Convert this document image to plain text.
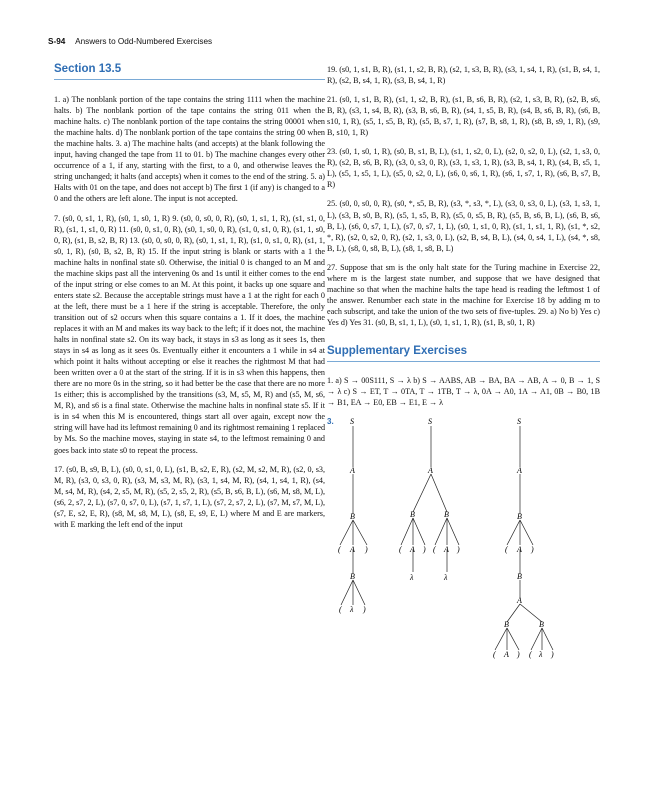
S-94 Answers to Odd-Numbered Exercises
Section 13.5

1. a) The nonblank portion of the tape contains the string 1111 when the machine halts. b) The nonblank portion of the tape contains the string 011 when the machine halts. c) The nonblank portion of the tape contains the string 00001 when the machine halts. d) The nonblank portion of the tape contains the string 00 when the machine halts. 3. a) The machine halts (and accepts) at the blank following the input, having changed the tape from 11 to 01. b) The machine changes every other occurrence of a 1, if any, starting with the first, to a 0, and otherwise leaves the string unchanged; it halts (and accepts) when it comes to the end of the string. 5. a) Halts with 01 on the tape, and does not accept b) The first 1 (if any) is changed to a 0 and the others are left alone. The input is not accepted.

7. (s0, 0, s1, 1, R), (s0, 1, s0, 1, R) 9. (s0, 0, s0, 0, R), (s0, 1, s1, 1, R), (s1, s1, 0, R), (s1, 1, s1, 0, R) 11. (s0, 0, s1, 0, R), (s0, 1, s0, 0, R), (s1, 0, s1, 0, R), (s1, 1, s0, 0, R), (s1, B, s2, B, R) 13. (s0, 0, s0, 0, R), (s0, 1, s1, 1, R), (s1, 0, s1, 0, R), (s1, 1, s0, 1, R), (s0, B, s2, B, R) 15. If the input string is blank or starts with a 1 the machine halts in nonfinal state s0. Otherwise, the initial 0 is changed to an M and the machine skips past all the intervening 0s and 1s until it either comes to the end of the input string or else comes to an M. At this point, it backs up one square and enters state s2. Because the acceptable strings must have a 1 at the right for each 0 at the left, there must be a 1 here if the string is acceptable. Therefore, the only transition out of s2 occurs when this square contains a 1. If it does, the machine replaces it with an M and makes its way back to the left; if it does not, the machine halts in nonfinal state s2. On its way back, it stays in s3 as long as it sees 1s, then stays in s4 as long as it sees 0s. Eventually either it encounters a 1 while in s4 at which point it halts without accepting or else it reaches the rightmost M that had been written over a 0 at the start of the string. If it is in s3 when this happens, then there are no more 0s in the string, so it had better be the case that there are no more 1s either; this is accomplished by the transitions (s3, M, s5, M, R) and (s5, M, s6, M, R), and s6 is a final state. Otherwise the machine halts in nonfinal state s5. If it is in s4 when this M is encountered, things start all over again, except now the string will have had its leftmost remaining 0 and its rightmost remaining 1 replaced by Ms. So the machine moves, staying in state s4, to the leftmost remaining 0 and goes back into state s0 to repeat the process.

17. (s0, B, s9, B, L), (s0, 0, s1, 0, L), (s1, B, s2, E, R), (s2, M, s2, M, R), (s2, 0, s3, M, R), (s3, 0, s3, 0, R), (s3, M, s3, M, R), (s3, 1, s4, M, R), (s4, 1, s4, 1, R), (s4, M, s4, M, R), (s4, 2, s5, M, R), (s5, 2, s5, 2, R), (s5, B, s6, B, L), (s6, M, s8, M, L), (s6, 2, s7, 2, L), (s7, 0, s7, 0, L), (s7, 1, s7, 1, L), (s7, 2, s7, 2, L), (s7, M, s7, M, L), (s7, E, s2, E, R), (s8, M, s8, M, L), (s8, E, s9, E, L) where M and E are markers, with E marking the left end of the input

19. (s0, 1, s1, B, R), (s1, 1, s2, B, R), (s2, 1, s3, B, R), (s3, 1, s4, 1, R), (s1, B, s4, 1, R), (s2, B, s4, 1, R), (s3, B, s4, 1, R)

21. (s0, 1, s1, B, R), (s1, 1, s2, B, R), (s1, B, s6, B, R), (s2, 1, s3, B, R), (s2, B, s6, B, R), (s3, 1, s4, B, R), (s3, B, s6, B, R), (s4, 1, s5, B, R), (s4, B, s6, B, R), (s6, B, s10, 1, R), (s5, 1, s5, B, R), (s5, B, s7, 1, R), (s7, B, s8, 1, R), (s8, B, s9, 1, R), (s9, B, s10, 1, R)

23. (s0, 1, s0, 1, R), (s0, B, s1, B, L), (s1, 1, s2, 0, L), (s2, 0, s2, 0, L), (s2, 1, s3, 0, R), (s2, B, s6, B, R), (s3, 0, s3, 0, R), (s3, 1, s3, 1, R), (s3, B, s4, 1, R), (s4, B, s5, 1, L), (s5, 1, s5, 1, L), (s5, 0, s2, 0, L), (s6, 0, s6, 1, R), (s6, 1, s7, 1, R), (s6, B, s7, B, R)

25. (s0, 0, s0, 0, R), (s0, *, s5, B, R), (s3, *, s3, *, L), (s3, 0, s3, 0, L), (s3, 1, s3, 1, L), (s3, B, s0, B, R), (s5, 1, s5, B, R), (s5, 0, s5, B, R), (s5, B, s6, B, L), (s6, B, s6, B, L), (s6, 0, s7, 1, L), (s7, 0, s7, 1, L), (s0, 1, s1, 0, R), (s1, 1, s1, 1, R), (s1, *, s2, *, R), (s2, 0, s2, 0, R), (s2, 1, s3, 0, L), (s2, B, s4, B, L), (s4, 0, s4, 1, L), (s4, *, s8, B, L), (s8, 0, s8, B, L), (s8, 1, s8, B, L)

27. Suppose that sm is the only halt state for the Turing machine in Exercise 22, where m is the largest state number, and suppose that we have designed that machine so that when the machine halts the tape head is reading the leftmost 1 of the answer. Renumber each state in the machine for Exercise 18 by adding m to each subscript, and take the union of the two sets of five-tuples. 29. a) No b) Yes c) Yes d) Yes 31. (s0, B, s1, 1, L), (s0, 1, s1, 1, R), (s1, B, s0, 1, R)

Supplementary Exercises

1. a) S → 00S111, S → λ b) S → AABS, AB → BA, BA → AB, A → 0, B → 1, S → λ c) S → ET, T → 0TA, T → 1TB, T → λ, 0A → A0, 1A → A1, 0B → B0, 1B → B1, EA → E0, EB → E1, E → λ

3. S
A
B
( A )
B
( λ )
S
A
B	B
( A ) ( A )
λ	λ
S
A
B
( A )
B
A
B	B
( A ) ( λ )
